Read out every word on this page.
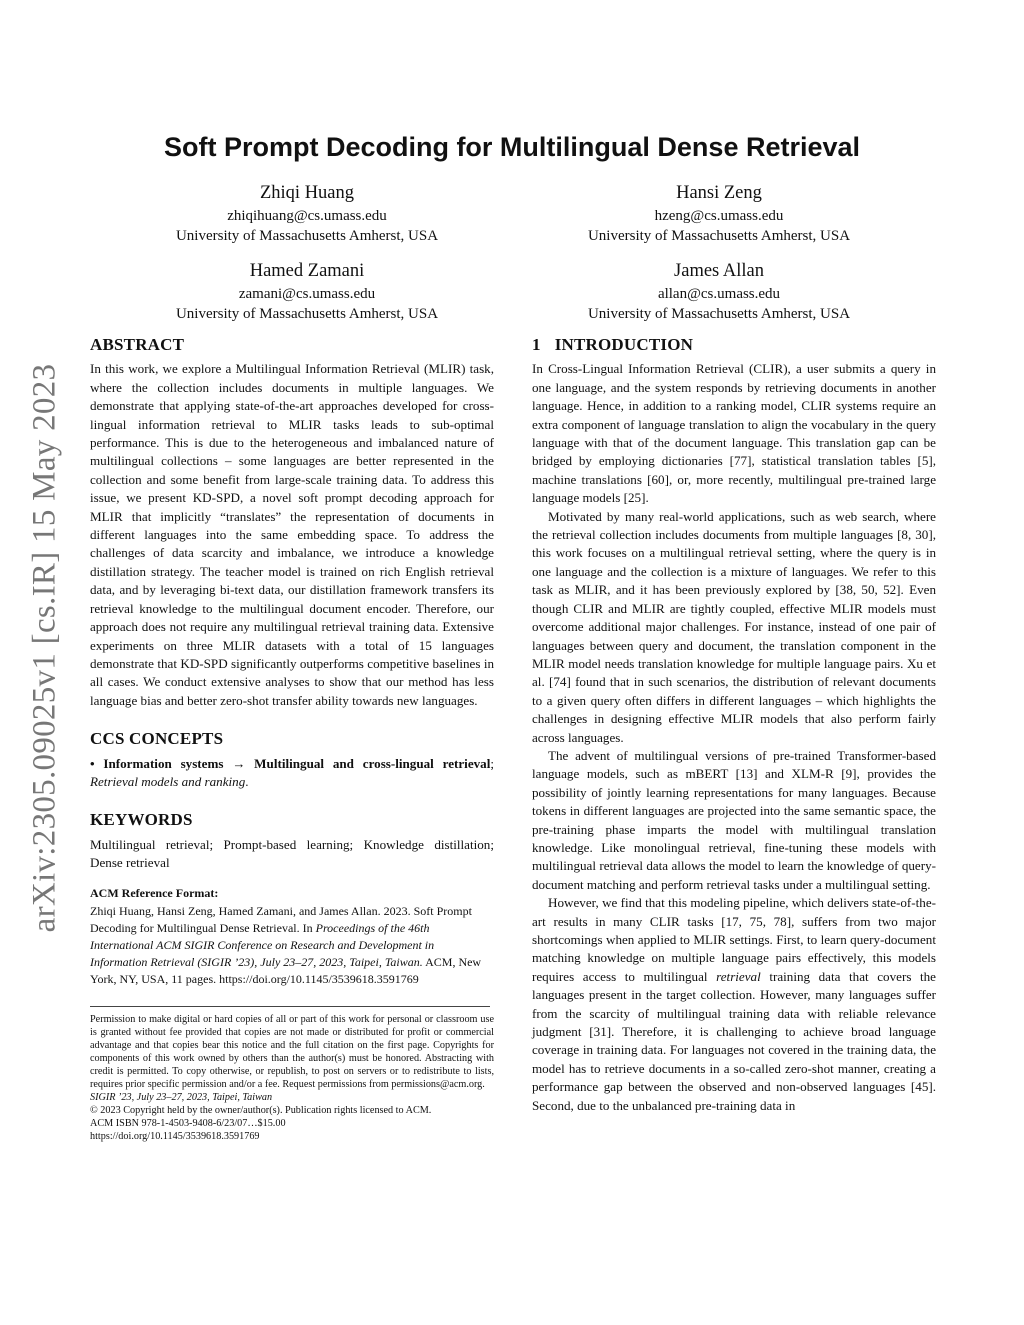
arXiv:2305.09025v1 [cs.IR] 15 May 2023
Soft Prompt Decoding for Multilingual Dense Retrieval
Zhiqi Huang
zhiqihuang@cs.umass.edu
University of Massachusetts Amherst, USA
Hansi Zeng
hzeng@cs.umass.edu
University of Massachusetts Amherst, USA
Hamed Zamani
zamani@cs.umass.edu
University of Massachusetts Amherst, USA
James Allan
allan@cs.umass.edu
University of Massachusetts Amherst, USA
ABSTRACT

In this work, we explore a Multilingual Information Retrieval (MLIR) task, where the collection includes documents in multiple languages. We demonstrate that applying state-of-the-art approaches developed for cross-lingual information retrieval to MLIR tasks leads to sub-optimal performance. This is due to the heterogeneous and imbalanced nature of multilingual collections – some languages are better represented in the collection and some benefit from large-scale training data. To address this issue, we present KD-SPD, a novel soft prompt decoding approach for MLIR that implicitly “translates” the representation of documents in different languages into the same embedding space. To address the challenges of data scarcity and imbalance, we introduce a knowledge distillation strategy. The teacher model is trained on rich English retrieval data, and by leveraging bi-text data, our distillation framework transfers its retrieval knowledge to the multilingual document encoder. Therefore, our approach does not require any multilingual retrieval training data. Extensive experiments on three MLIR datasets with a total of 15 languages demonstrate that KD-SPD significantly outperforms competitive baselines in all cases. We conduct extensive analyses to show that our method has less language bias and better zero-shot transfer ability towards new languages.

CCS CONCEPTS

• Information systems → Multilingual and cross-lingual retrieval; Retrieval models and ranking.

KEYWORDS

Multilingual retrieval; Prompt-based learning; Knowledge distillation; Dense retrieval

ACM Reference Format:

Zhiqi Huang, Hansi Zeng, Hamed Zamani, and James Allan. 2023. Soft Prompt Decoding for Multilingual Dense Retrieval. In Proceedings of the 46th International ACM SIGIR Conference on Research and Development in Information Retrieval (SIGIR ’23), July 23–27, 2023, Taipei, Taiwan. ACM, New York, NY, USA, 11 pages. https://doi.org/10.1145/3539618.3591769

Permission to make digital or hard copies of all or part of this work for personal or classroom use is granted without fee provided that copies are not made or distributed for profit or commercial advantage and that copies bear this notice and the full citation on the first page. Copyrights for components of this work owned by others than the author(s) must be honored. Abstracting with credit is permitted. To copy otherwise, or republish, to post on servers or to redistribute to lists, requires prior specific permission and/or a fee. Request permissions from permissions@acm.org.

SIGIR ’23, July 23–27, 2023, Taipei, Taiwan
© 2023 Copyright held by the owner/author(s). Publication rights licensed to ACM.
ACM ISBN 978-1-4503-9408-6/23/07…$15.00
https://doi.org/10.1145/3539618.3591769
1 INTRODUCTION

In Cross-Lingual Information Retrieval (CLIR), a user submits a query in one language, and the system responds by retrieving documents in another language. Hence, in addition to a ranking model, CLIR systems require an extra component of language translation to align the vocabulary in the query language with that of the document language. This translation gap can be bridged by employing dictionaries [77], statistical translation tables [5], machine translations [60], or, more recently, multilingual pre-trained large language models [25].

Motivated by many real-world applications, such as web search, where the retrieval collection includes documents from multiple languages [8, 30], this work focuses on a multilingual retrieval setting, where the query is in one language and the collection is a mixture of languages. We refer to this task as MLIR, and it has been previously explored by [38, 50, 52]. Even though CLIR and MLIR are tightly coupled, effective MLIR models must overcome additional major challenges. For instance, instead of one pair of languages between query and document, the translation component in the MLIR model needs translation knowledge for multiple language pairs. Xu et al. [74] found that in such scenarios, the distribution of relevant documents to a given query often differs in different languages – which highlights the challenges in designing effective MLIR models that also perform fairly across languages.

The advent of multilingual versions of pre-trained Transformer-based language models, such as mBERT [13] and XLM-R [9], provides the possibility of jointly learning representations for many languages. Because tokens in different languages are projected into the same semantic space, the pre-training phase imparts the model with multilingual translation knowledge. Like monolingual retrieval, fine-tuning these models with multilingual retrieval data allows the model to learn the knowledge of query-document matching and perform retrieval tasks under a multilingual setting.

However, we find that this modeling pipeline, which delivers state-of-the-art results in many CLIR tasks [17, 75, 78], suffers from two major shortcomings when applied to MLIR settings. First, to learn query-document matching knowledge on multiple language pairs effectively, this models requires access to multilingual retrieval training data that covers the languages present in the target collection. However, many languages suffer from the scarcity of multilingual training data with reliable relevance judgment [31]. Therefore, it is challenging to achieve broad language coverage in training data. For languages not covered in the training data, the model has to retrieve documents in a so-called zero-shot manner, creating a performance gap between the observed and non-observed languages [45]. Second, due to the unbalanced pre-training data in
